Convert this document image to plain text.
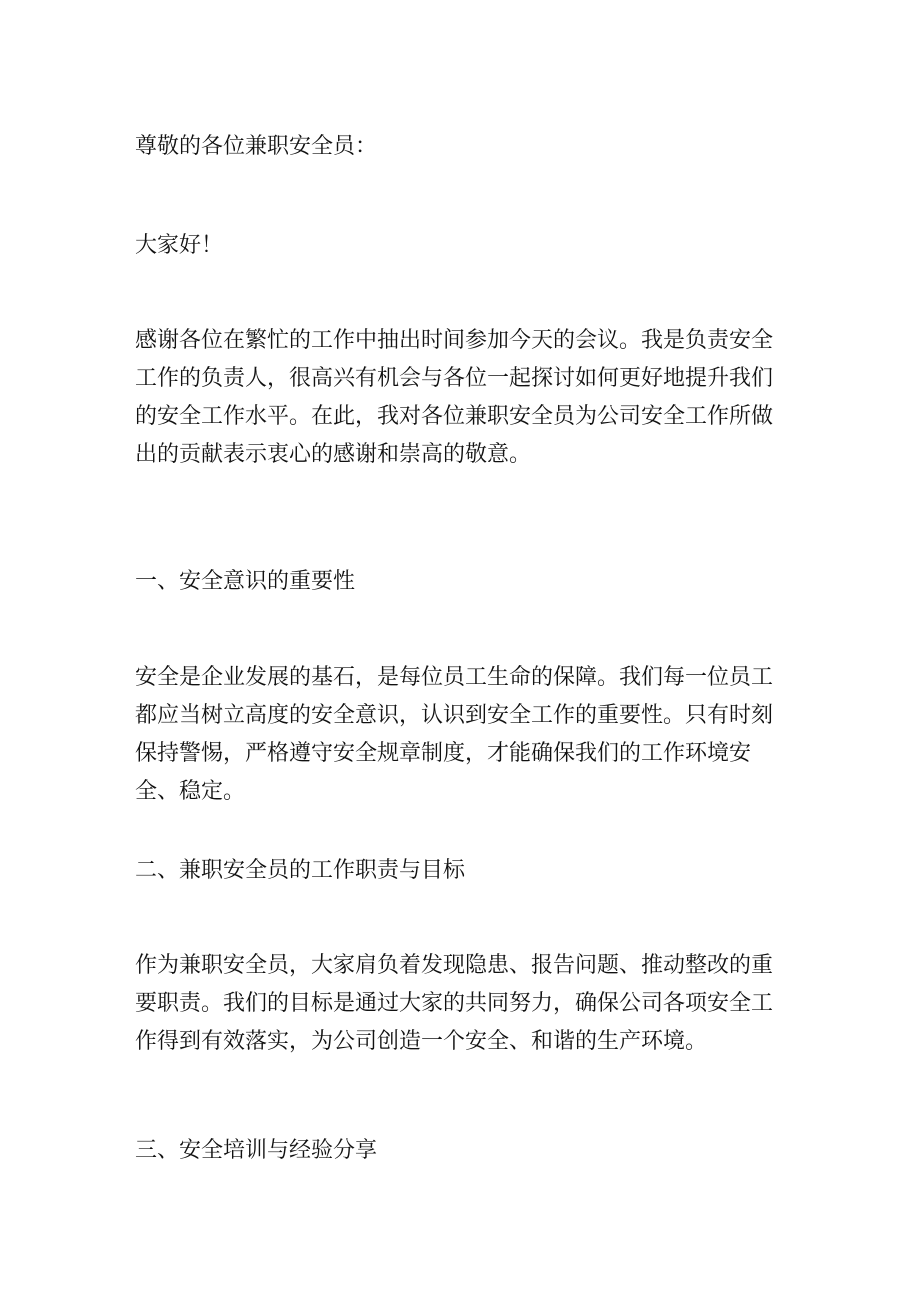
尊敬的各位兼职安全员：

大家好！

感谢各位在繁忙的工作中抽出时间参加今天的会议。我是负责安全工作的负责人，很高兴有机会与各位一起探讨如何更好地提升我们的安全工作水平。在此，我对各位兼职安全员为公司安全工作所做出的贡献表示衷心的感谢和崇高的敬意。

一、安全意识的重要性

安全是企业发展的基石，是每位员工生命的保障。我们每一位员工都应当树立高度的安全意识，认识到安全工作的重要性。只有时刻保持警惕，严格遵守安全规章制度，才能确保我们的工作环境安全、稳定。

二、兼职安全员的工作职责与目标

作为兼职安全员，大家肩负着发现隐患、报告问题、推动整改的重要职责。我们的目标是通过大家的共同努力，确保公司各项安全工作得到有效落实，为公司创造一个安全、和谐的生产环境。

三、安全培训与经验分享
